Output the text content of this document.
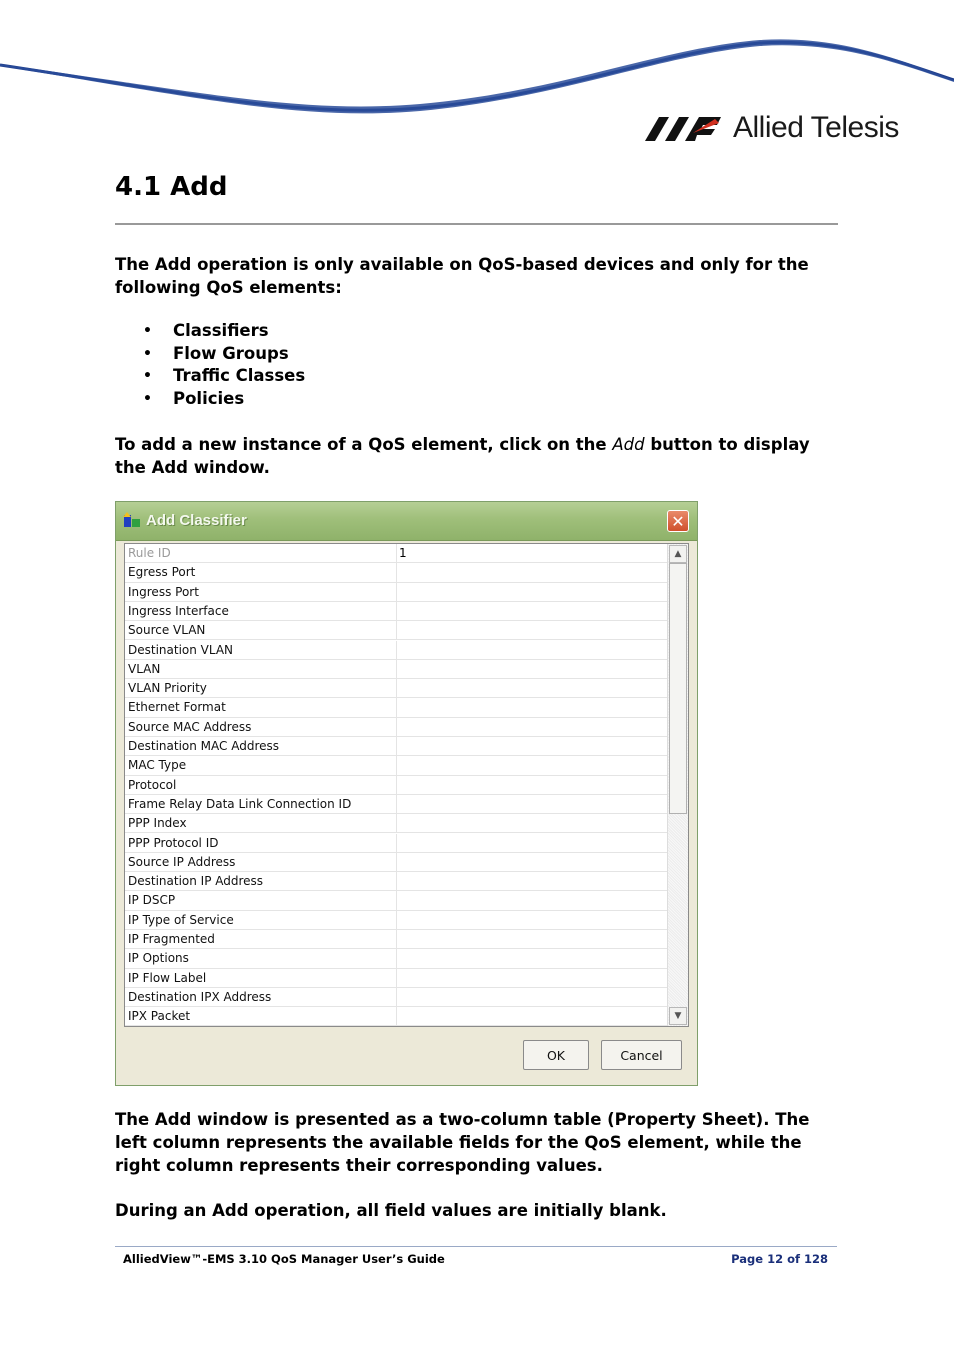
Allied Telesis
4.1 Add

The Add operation is only available on QoS-based devices and only for the following QoS elements:

• Classifiers
• Flow Groups
• Traffic Classes
• Policies

To add a new instance of a QoS element, click on the Add button to display the Add window.

Add Classifier	✕
Rule ID	1
Egress Port
Ingress Port
Ingress Interface
Source VLAN
Destination VLAN
VLAN
VLAN Priority
Ethernet Format
Source MAC Address
Destination MAC Address
MAC Type
Protocol
Frame Relay Data Link Connection ID
PPP Index
PPP Protocol ID
Source IP Address
Destination IP Address
IP DSCP
IP Type of Service
IP Fragmented
IP Options
IP Flow Label
Destination IPX Address
IPX Packet
▲
▼
OK	Cancel

The Add window is presented as a two-column table (Property Sheet). The left column represents the available fields for the QoS element, while the right column represents their corresponding values.

During an Add operation, all field values are initially blank.

AlliedView™-EMS 3.10 QoS Manager User’s Guide	Page 12 of 128
